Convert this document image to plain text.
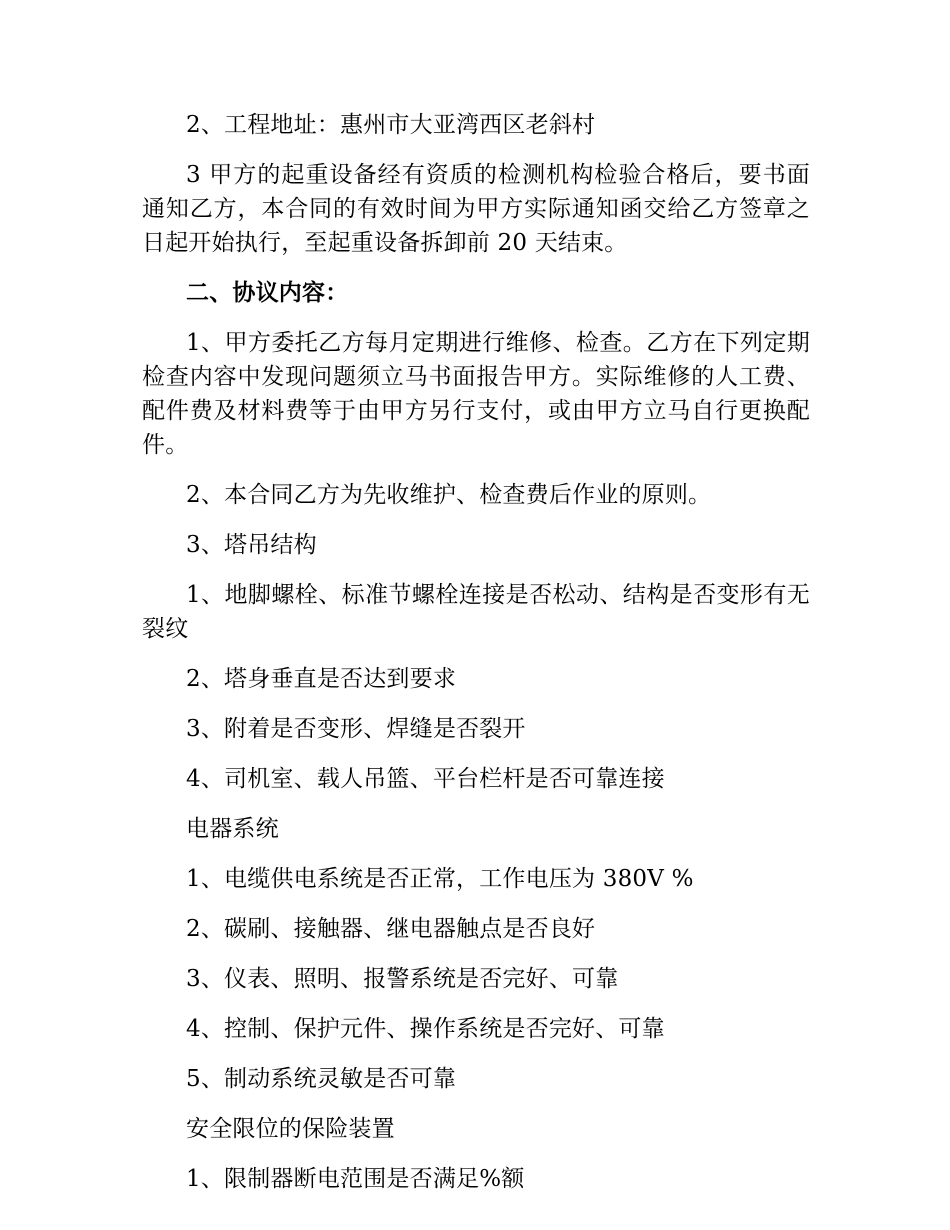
2、工程地址：惠州市大亚湾西区老斜村

3 甲方的起重设备经有资质的检测机构检验合格后，要书面通知乙方，本合同的有效时间为甲方实际通知函交给乙方签章之日起开始执行，至起重设备拆卸前 20 天结束。

二、协议内容：

1、甲方委托乙方每月定期进行维修、检查。乙方在下列定期检查内容中发现问题须立马书面报告甲方。实际维修的人工费、配件费及材料费等于由甲方另行支付，或由甲方立马自行更换配件。

2、本合同乙方为先收维护、检查费后作业的原则。

3、塔吊结构

1、地脚螺栓、标准节螺栓连接是否松动、结构是否变形有无裂纹

2、塔身垂直是否达到要求

3、附着是否变形、焊缝是否裂开

4、司机室、载人吊篮、平台栏杆是否可靠连接

电器系统

1、电缆供电系统是否正常，工作电压为 380V %

2、碳刷、接触器、继电器触点是否良好

3、仪表、照明、报警系统是否完好、可靠

4、控制、保护元件、操作系统是否完好、可靠

5、制动系统灵敏是否可靠

安全限位的保险装置

1、限制器断电范围是否满足%额
